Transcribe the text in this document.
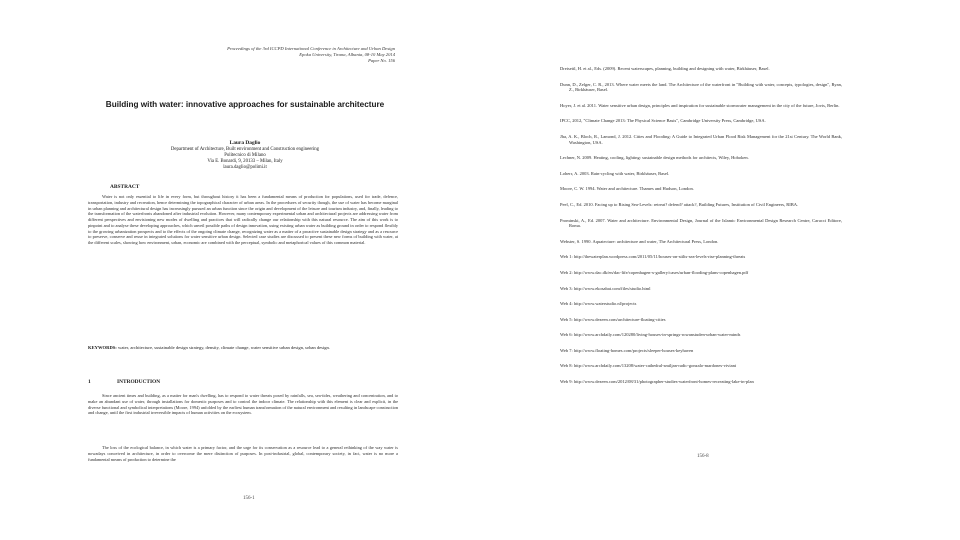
Proceedings of the 3rd ICCPD International Conference in Architecture and Urban Design
Epoka University, Tirana, Albania, 08-10 May 2014
Paper No. 156
Building with water: innovative approaches for sustainable architecture
Laura Daglio
Department of Architecture, Built environment and Construction engineering
Politecnico di Milano
Via E. Bonardi, 9, 20133 – Milan, Italy
laura.daglio@polimi.it
ABSTRACT

Water is not only essential to life in every form, but throughout history it has been a fundamental means of production for populations, used for trade, defence, transportation, industry and recreation, hence determining the topographical character of urban areas. In the procedures of security though, the use of water has become marginal in urban planning and architectural design has increasingly pursued an urban function since the origin and development of the leisure and tourism industry, and, finally, leading to the transformation of the waterfronts abandoned after industrial evolution. However, many contemporary experimental urban and architectural projects are addressing water from different perspectives and envisioning new modes of dwelling and practices that will radically change our relationship with this natural resource. The aim of this work is to pinpoint and to analyse these developing approaches, which unveil possible paths of design innovation, using existing urban water as building ground in order to respond flexibly to the growing urbanization prospects and to the effects of the ongoing climate change, recognizing water as a matter of a proactive sustainable design strategy and as a resource to preserve, conserve and reuse in integrated solutions for water sensitive urban design. Selected case studies are discussed to present these new forms of building with water, at the different scales, showing how environment, urban, economic are combined with the perceptual, symbolic and metaphorical values of this common material.

KEYWORDS: water, architecture, sustainable design strategy, density, climate change, water sensitive urban design, urban design.

1	INTRODUCTION

Since ancient times and building, as a matter for man's dwelling, has to respond to water threats posed by rainfalls, sea, sea-tides, weathering and concentration, and to make an abundant use of water, through installations for domestic purposes and to control the indoor climate. The relationship with this element is clear and explicit, in the diverse functional and symbolical interpretations (Moore, 1994) unfolded by the earliest human transformation of the natural environment and resulting in landscape construction and change, until the first industrial irreversible impacts of human activities on the ecosystem.

The loss of the ecological balance, in which water is a primary factor, and the urge for its conservation as a resource lead to a general rethinking of the way water is nowadays conceived in architecture, in order to overcome the mere distinction of purposes. In post-industrial, global, contemporary society, in fact, water is no more a fundamental means of production to determine the

156-1
Dreiseitl, H. et al., Eds. (2009). Recent waterscapes, planning, building and designing with water, Birkhäuser, Basel.
Dunn, D., Zelger, C. R., 2013. Where water meets the land. The Architecture of the waterfront in "Building with water, concepts, typologies, design", Ryan, Z., Birkhäuser, Basel.
Hoyer, J. et al. 2011. Water sensitive urban design, principles and inspiration for sustainable stormwater management in the city of the future, Jovis, Berlin.
IPCC, 2012, "Climate Change 2013: The Physical Science Basis", Cambridge University Press, Cambridge, USA.
Jha, A. K., Bloch, R., Lamond, J. 2012. Cities and Flooding: A Guide to Integrated Urban Flood Risk Management for the 21st Century. The World Bank, Washington, USA.
Lechner, N. 2009. Heating, cooling, lighting: sustainable design methods for architects, Wiley, Hoboken.
Loherr, A. 2003. Rain-cycling with water, Birkhäuser, Basel.
Moore, C. W. 1994. Water and architecture. Thames and Hudson, London.
Peel, C., Ed. 2010. Facing up to Rising Sea-Levels: retreat? defend? attack?, Building Futures, Institution of Civil Engineers, RIBA.
Prominski, A., Ed. 2007. Water and architecture. Environmental Design, Journal of the Islamic Environmental Design Research Centre, Carucci Editore, Roma.
Webster, S. 1990. Aquatecture: architecture and water, The Architectural Press, London.
Web 1: http://thewaterplan.wordpress.com/2011/05/11/houses-on-stilts-sea-levels-rise-planning-threats
Web 2: http://www.dac.dk/en/dac-life/copenhagen-x-gallery/cases/urban-flooding-plans-copenhagen.pdf
Web 3: http://www.ekosabat.com/files/studio.html
Web 4: http://www.waterstudio.nl/projects
Web 5: http://www.dezeen.com/architecture-floating-cities
Web 6: http://www.archdaily.com/120280/living-houses-in-springs-rowanstuden-urban-water-minds
Web 7: http://www.floating-homes.com/projects/sleeper-houses-keyhaven
Web 8: http://www.archdaily.com/13208/water-cathedral-smiljan-radic-gonzalo-mardones-viviani
Web 9: http://www.dezeen.com/2012/08/31/photographer-studies-waterfront-homes-recreating-lake-in-plan
156-8
